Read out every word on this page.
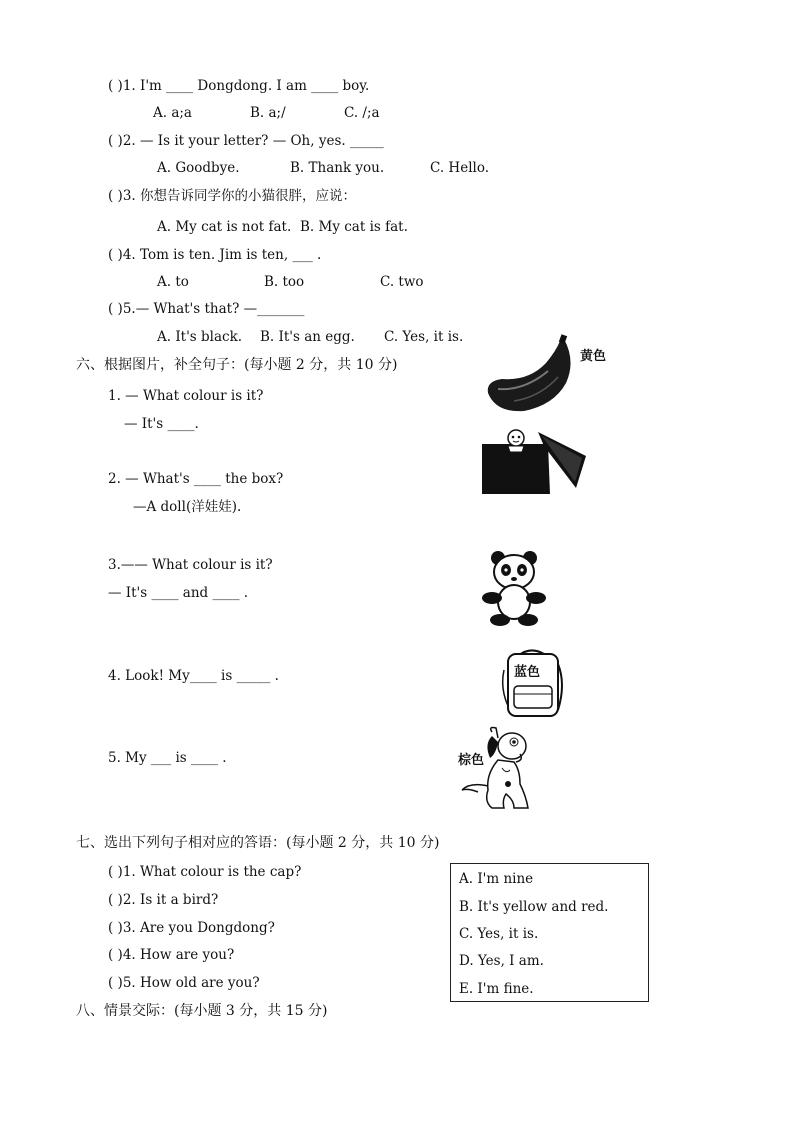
( )1. I'm ____ Dongdong. I am ____ boy.
A. a;a	B. a;/	C. /;a
( )2. — Is it your letter? — Oh, yes. _____
A. Goodbye.	B. Thank you.	C. Hello.
( )3. 你想告诉同学你的小猫很胖，应说：
A. My cat is not fat. B. My cat is fat.
( )4. Tom is ten. Jim is ten, ___ .
A. to	B. too	C. two
( )5.— What's that? —_______
A. It's black. B. It's an egg. C. Yes, it is.
六、根据图片，补全句子：(每小题 2 分，共 10 分)
1. — What colour is it?
— It's ____.
2. — What's ____ the box?
—A doll(洋娃娃).
3.—— What colour is it?
— It's ____ and ____ .
4. Look! My____ is _____ .
5. My ___ is ____ .
黄色
蓝色
棕色
七、选出下列句子相对应的答语：(每小题 2 分，共 10 分)
( )1. What colour is the cap?
( )2. Is it a bird?
( )3. Are you Dongdong?
( )4. How are you?
( )5. How old are you?
A. I'm nine
B. It's yellow and red.
C. Yes, it is.
D. Yes, I am.
E. I'm fine.
八、情景交际：(每小题 3 分，共 15 分)
